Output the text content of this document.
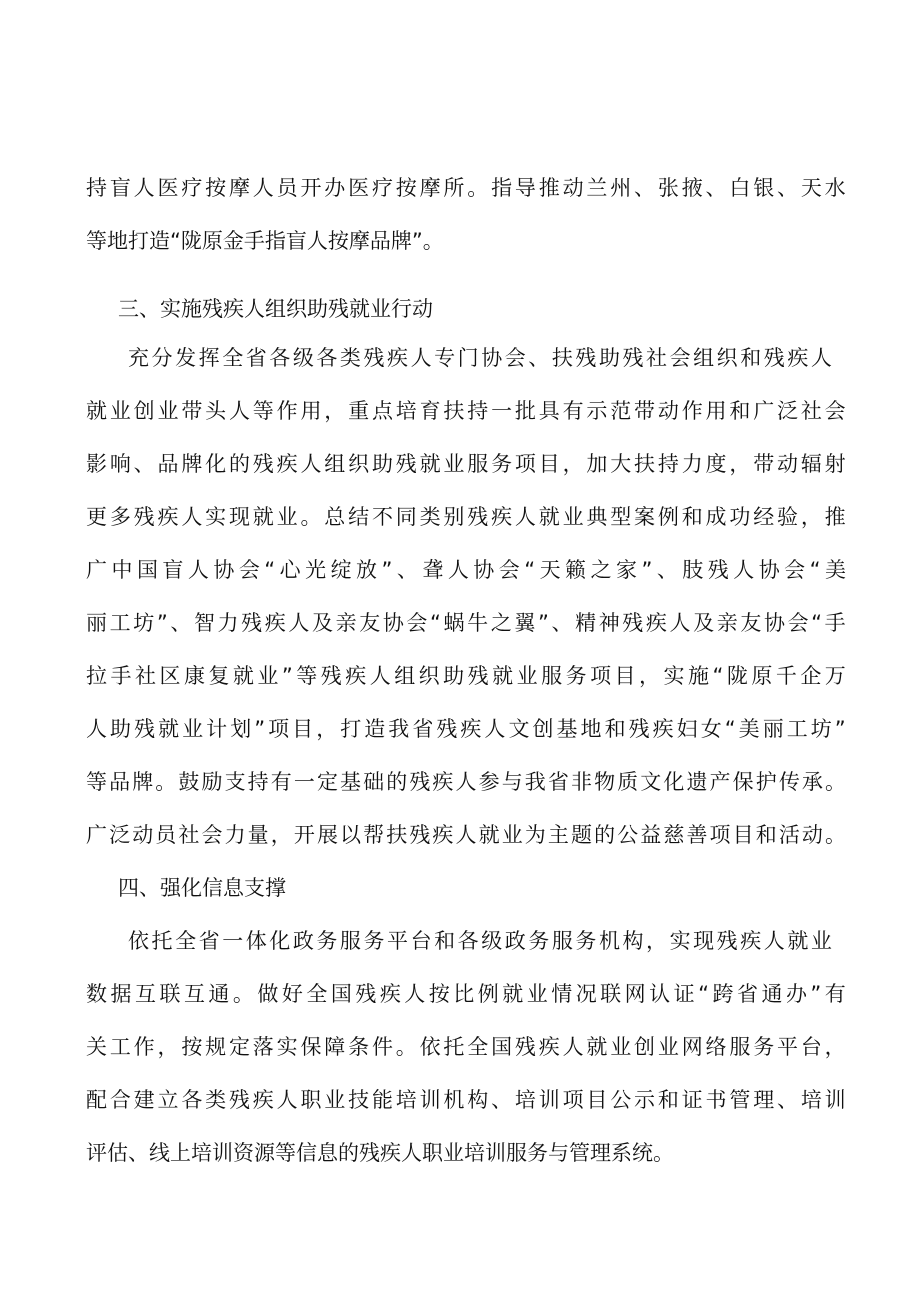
持 盲 人 医 疗 按 摩 人 员 开 办 医 疗 按 摩 所 。 指 导 推 动 兰 州 、 张 掖 、 白 银 、 天 水
等地打造“陇原金手指盲人按摩品牌”。
三、实施残疾人组织助残就业行动
充 分 发 挥 全 省 各 级 各 类 残 疾 人 专 门 协 会 、 扶 残 助 残 社 会 组 织 和 残 疾 人
就 业 创 业 带 头 人 等 作 用 ， 重 点 培 育 扶 持 一 批 具 有 示 范 带 动 作 用 和 广 泛 社 会
影 响 、 品 牌 化 的 残 疾 人 组 织 助 残 就 业 服 务 项 目 ， 加 大 扶 持 力 度 ， 带 动 辐 射
更 多 残 疾 人 实 现 就 业 。 总 结 不 同 类 别 残 疾 人 就 业 典 型 案 例 和 成 功 经 验 ， 推
广 中 国 盲 人 协 会 “ 心 光 绽 放 ” 、 聋 人 协 会 “ 天 籁 之 家 ” 、 肢 残 人 协 会 “ 美
丽 工 坊 ” 、 智 力 残 疾 人 及 亲 友 协 会 “ 蜗 牛 之 翼 ” 、 精 神 残 疾 人 及 亲 友 协 会 “ 手
拉 手 社 区 康 复 就 业 ” 等 残 疾 人 组 织 助 残 就 业 服 务 项 目 ， 实 施 “ 陇 原 千 企 万
人 助 残 就 业 计 划 ” 项 目 ， 打 造 我 省 残 疾 人 文 创 基 地 和 残 疾 妇 女 “ 美 丽 工 坊 ”
等 品 牌 。 鼓 励 支 持 有 一 定 基 础 的 残 疾 人 参 与 我 省 非 物 质 文 化 遗 产 保 护 传 承 。
广 泛 动 员 社 会 力 量 ， 开 展 以 帮 扶 残 疾 人 就 业 为 主 题 的 公 益 慈 善 项 目 和 活 动 。
四、强化信息支撑
依 托 全 省 一 体 化 政 务 服 务 平 台 和 各 级 政 务 服 务 机 构 ， 实 现 残 疾 人 就 业
数 据 互 联 互 通 。 做 好 全 国 残 疾 人 按 比 例 就 业 情 况 联 网 认 证 “ 跨 省 通 办 ” 有
关 工 作 ， 按 规 定 落 实 保 障 条 件 。 依 托 全 国 残 疾 人 就 业 创 业 网 络 服 务 平 台 ，
配 合 建 立 各 类 残 疾 人 职 业 技 能 培 训 机 构 、 培 训 项 目 公 示 和 证 书 管 理 、 培 训
评估、线上培训资源等信息的残疾人职业培训服务与管理系统。
